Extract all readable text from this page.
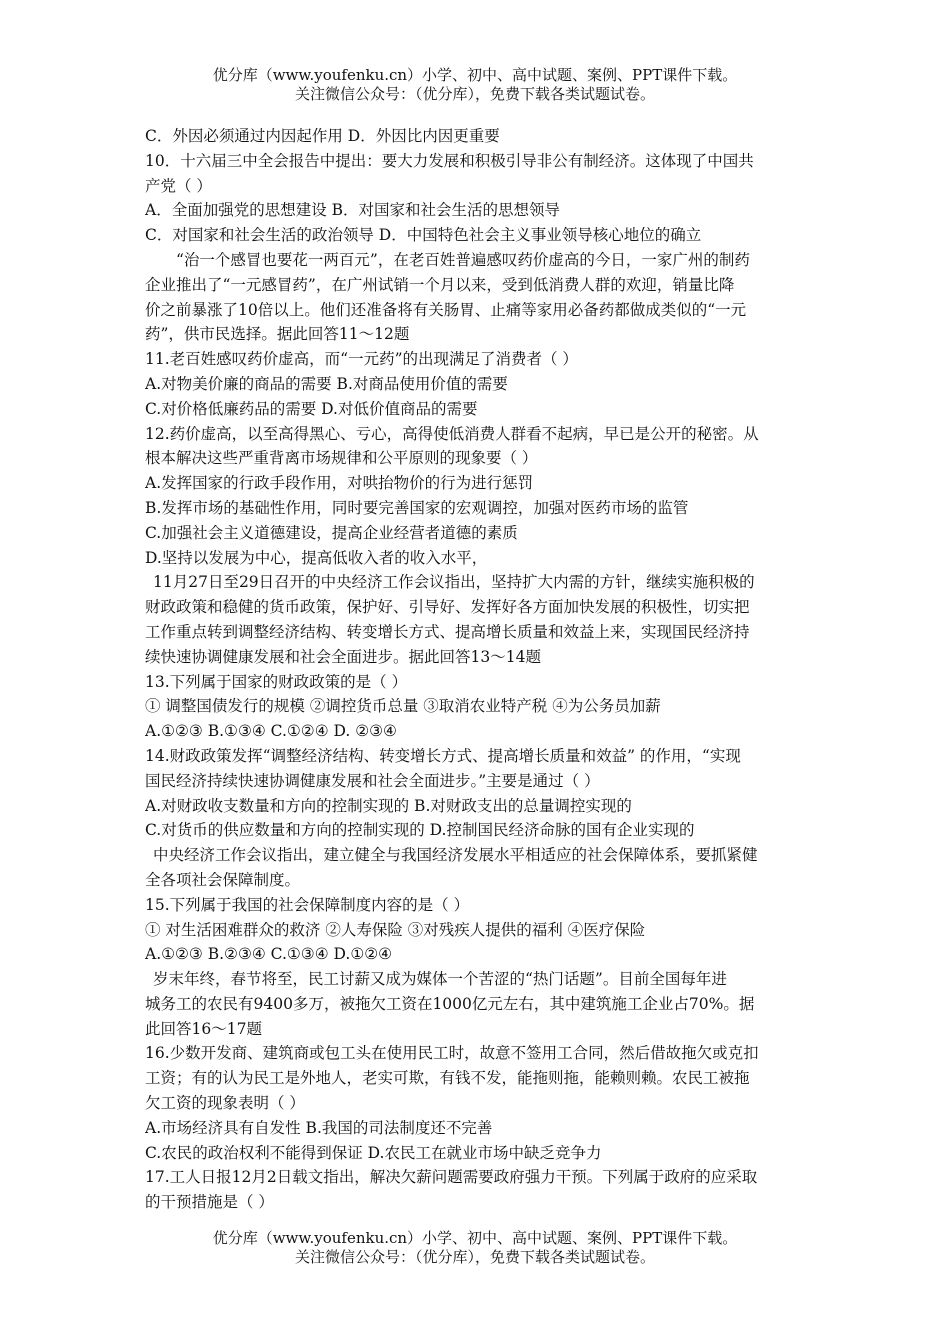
优分库（www.youfenku.cn）小学、初中、高中试题、案例、PPT课件下载。
关注微信公众号：（优分库），免费下载各类试题试卷。
C．外因必须通过内因起作用 D．外因比内因更重要
10．十六届三中全会报告中提出：要大力发展和积极引导非公有制经济。这体现了中国共
产党（ ）
A．全面加强党的思想建设 B．对国家和社会生活的思想领导
C．对国家和社会生活的政治领导 D．中国特色社会主义事业领导核心地位的确立
“治一个感冒也要花一两百元”，在老百姓普遍感叹药价虚高的今日，一家广州的制药
企业推出了“一元感冒药”，在广州试销一个月以来，受到低消费人群的欢迎，销量比降
价之前暴涨了10倍以上。他们还准备将有关肠胃、止痛等家用必备药都做成类似的“一元
药”，供市民选择。据此回答11～12题
11.老百姓感叹药价虚高，而“一元药”的出现满足了消费者（ ）
A.对物美价廉的商品的需要 B.对商品使用价值的需要
C.对价格低廉药品的需要 D.对低价值商品的需要
12.药价虚高，以至高得黑心、亏心，高得使低消费人群看不起病，早已是公开的秘密。从
根本解决这些严重背离市场规律和公平原则的现象要（ ）
A.发挥国家的行政手段作用，对哄抬物价的行为进行惩罚
B.发挥市场的基础性作用，同时要完善国家的宏观调控，加强对医药市场的监管
C.加强社会主义道德建设，提高企业经营者道德的素质
D.坚持以发展为中心，提高低收入者的收入水平，
11月27日至29日召开的中央经济工作会议指出，坚持扩大内需的方针，继续实施积极的
财政政策和稳健的货币政策，保护好、引导好、发挥好各方面加快发展的积极性，切实把
工作重点转到调整经济结构、转变增长方式、提高增长质量和效益上来，实现国民经济持
续快速协调健康发展和社会全面进步。据此回答13～14题
13.下列属于国家的财政政策的是（ ）
① 调整国债发行的规模 ②调控货币总量 ③取消农业特产税 ④为公务员加薪
A.①②③ B.①③④ C.①②④ D. ②③④
14.财政政策发挥“调整经济结构、转变增长方式、提高增长质量和效益” 的作用，“实现
国民经济持续快速协调健康发展和社会全面进步。”主要是通过（ ）
A.对财政收支数量和方向的控制实现的 B.对财政支出的总量调控实现的
C.对货币的供应数量和方向的控制实现的 D.控制国民经济命脉的国有企业实现的
中央经济工作会议指出，建立健全与我国经济发展水平相适应的社会保障体系，要抓紧健
全各项社会保障制度。
15.下列属于我国的社会保障制度内容的是（ ）
① 对生活困难群众的救济 ②人寿保险 ③对残疾人提供的福利 ④医疗保险
A.①②③ B.②③④ C.①③④ D.①②④
岁末年终，春节将至，民工讨薪又成为媒体一个苦涩的“热门话题”。目前全国每年进
城务工的农民有9400多万，被拖欠工资在1000亿元左右，其中建筑施工企业占70%。据
此回答16～17题
16.少数开发商、建筑商或包工头在使用民工时，故意不签用工合同，然后借故拖欠或克扣
工资；有的认为民工是外地人，老实可欺，有钱不发，能拖则拖，能赖则赖。农民工被拖
欠工资的现象表明（ ）
A.市场经济具有自发性 B.我国的司法制度还不完善
C.农民的政治权利不能得到保证 D.农民工在就业市场中缺乏竞争力
17.工人日报12月2日载文指出，解决欠薪问题需要政府强力干预。下列属于政府的应采取
的干预措施是（ ）
优分库（www.youfenku.cn）小学、初中、高中试题、案例、PPT课件下载。
关注微信公众号：（优分库），免费下载各类试题试卷。
